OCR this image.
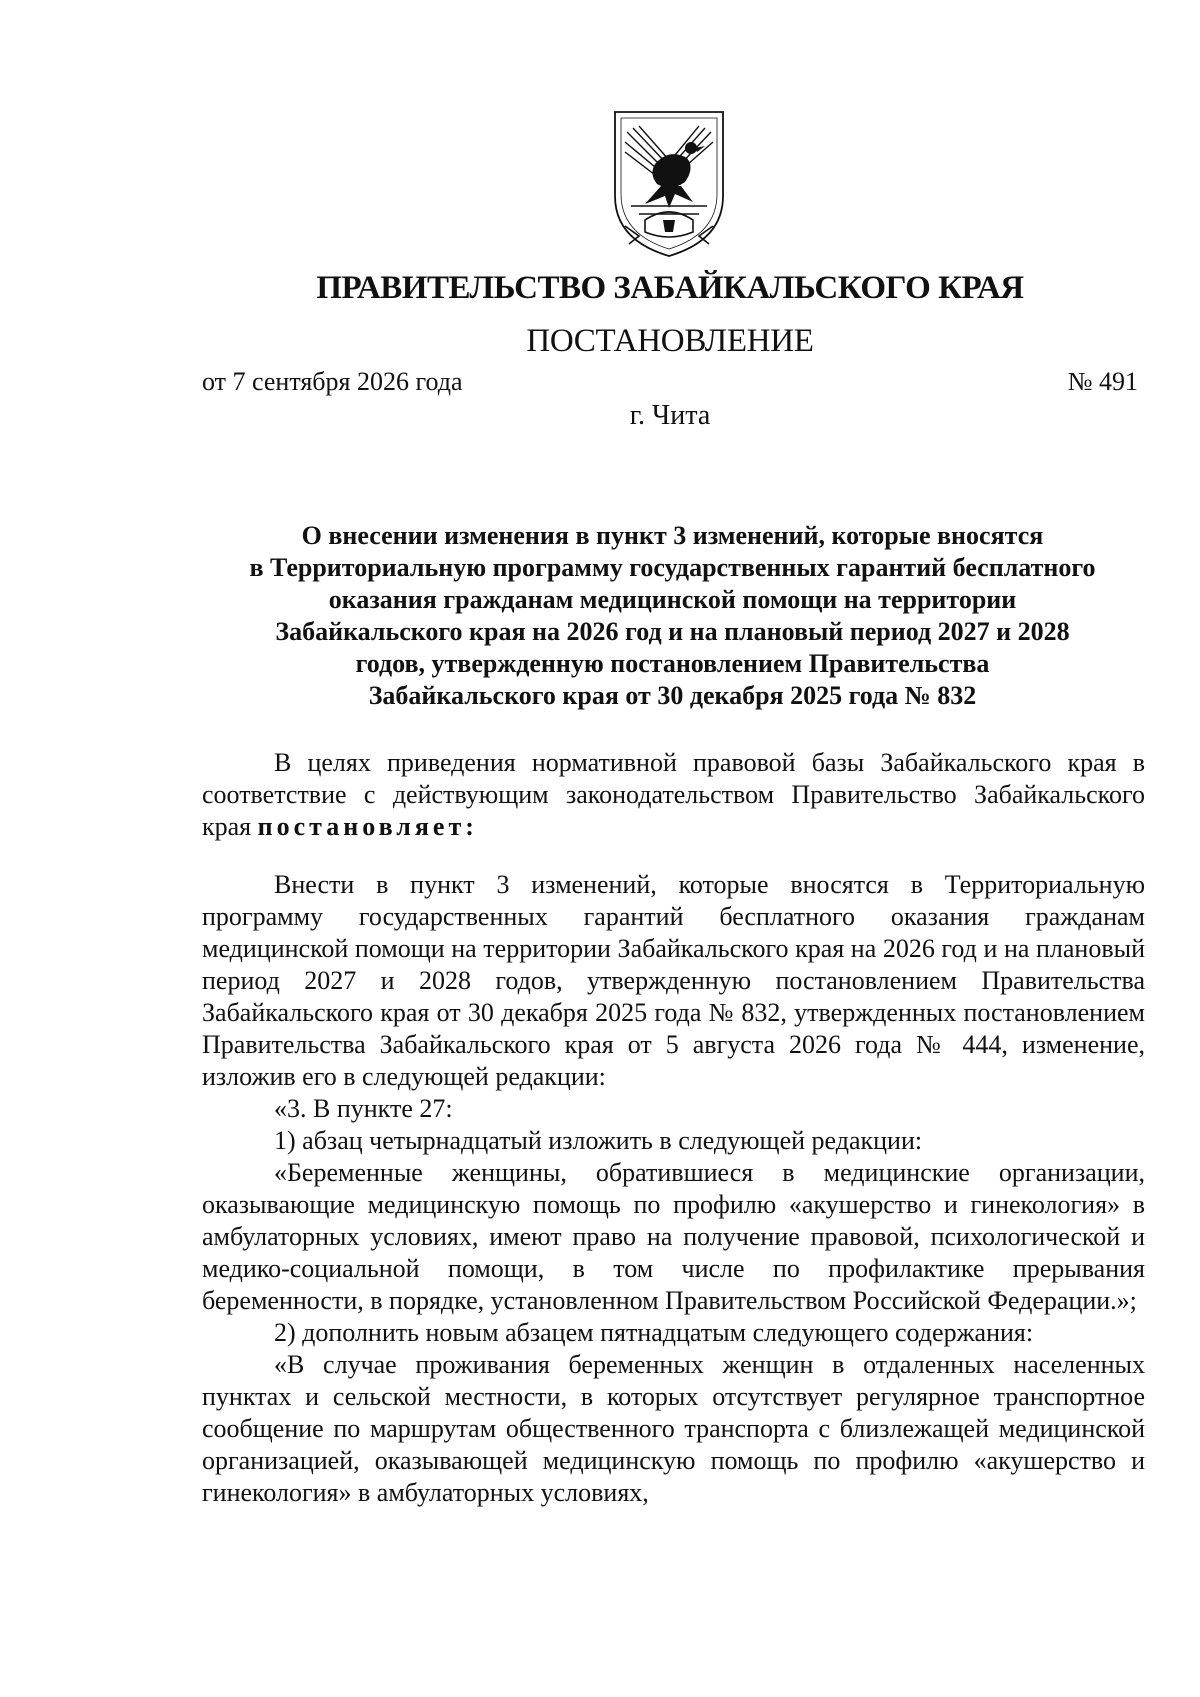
ПРАВИТЕЛЬСТВО ЗАБАЙКАЛЬСКОГО КРАЯ
ПОСТАНОВЛЕНИЕ
от 7 сентября 2026 года	№ 491
г. Чита
О внесении изменения в пункт 3 изменений, которые вносятся
в Территориальную программу государственных гарантий бесплатного
оказания гражданам медицинской помощи на территории
Забайкальского края на 2026 год и на плановый период 2027 и 2028
годов, утвержденную постановлением Правительства
Забайкальского края от 30 декабря 2025 года № 832

В целях приведения нормативной правовой базы Забайкальского края в соответствие с действующим законодательством Правительство Забайкальского края постановляет:

Внести в пункт 3 изменений, которые вносятся в Территориальную программу государственных гарантий бесплатного оказания гражданам медицинской помощи на территории Забайкальского края на 2026 год и на плановый период 2027 и 2028 годов, утвержденную постановлением Правительства Забайкальского края от 30 декабря 2025 года № 832, утвержденных постановлением Правительства Забайкальского края от 5 августа 2026 года № 444, изменение, изложив его в следующей редакции:

«3. В пункте 27:

1) абзац четырнадцатый изложить в следующей редакции:

«Беременные женщины, обратившиеся в медицинские организации, оказывающие медицинскую помощь по профилю «акушерство и гинекология» в амбулаторных условиях, имеют право на получение правовой, психологической и медико-социальной помощи, в том числе по профилактике прерывания беременности, в порядке, установленном Правительством Российской Федерации.»;

2) дополнить новым абзацем пятнадцатым следующего содержания:

«В случае проживания беременных женщин в отдаленных населенных пунктах и сельской местности, в которых отсутствует регулярное транспортное сообщение по маршрутам общественного транспорта с близлежащей медицинской организацией, оказывающей медицинскую помощь по профилю «акушерство и гинекология» в амбулаторных условиях,
